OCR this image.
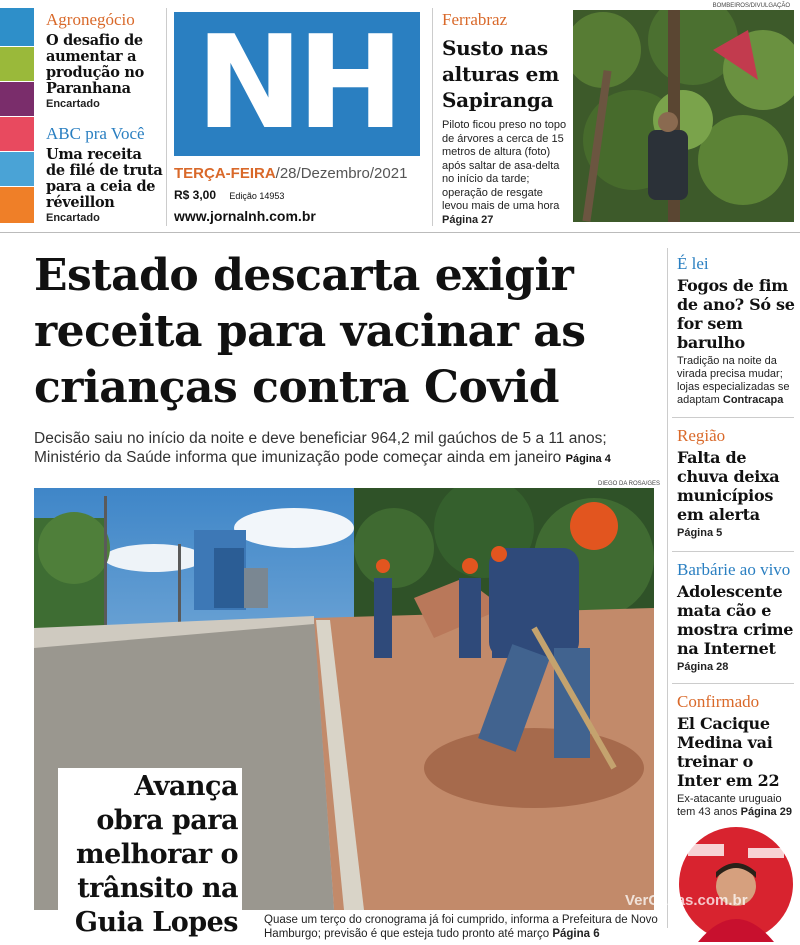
Agronegócio
O desafio de aumentar a produção no Paranhana
Encartado
ABC pra Você
Uma receita de filé de truta para a ceia de réveillon
Encartado
NH
TERÇA-FEIRA/28/Dezembro/2021
R$ 3,00 Edição 14953
www.jornalnh.com.br
Ferrabraz
Susto nas alturas em Sapiranga
Piloto ficou preso no topo de árvores a cerca de 15 metros de altura (foto) após saltar de asa-delta no início da tarde; operação de resgate levou mais de uma hora Página 27
BOMBEIROS/DIVULGAÇÃO
Estado descarta exigir receita para vacinar as crianças contra Covid
Decisão saiu no início da noite e deve beneficiar 964,2 mil gaúchos de 5 a 11 anos; Ministério da Saúde informa que imunização pode começar ainda em janeiro Página 4
DIEGO DA ROSA/GES
Avança obra para melhorar o trânsito na Guia Lopes Quase um terço do cronograma já foi cumprido, informa a Prefeitura de Novo Hamburgo; previsão é que esteja tudo pronto até março Página 6
É lei
Fogos de fim de ano? Só se for sem barulho
Tradição na noite da virada precisa mudar; lojas especializadas se adaptam Contracapa
Região
Falta de chuva deixa municípios em alerta
Página 5
Barbárie ao vivo
Adolescente mata cão e mostra crime na Internet
Página 28
Confirmado
El Cacique Medina vai treinar o Inter em 22
Ex-atacante uruguaio tem 43 anos Página 29
VerCapas.com.br
